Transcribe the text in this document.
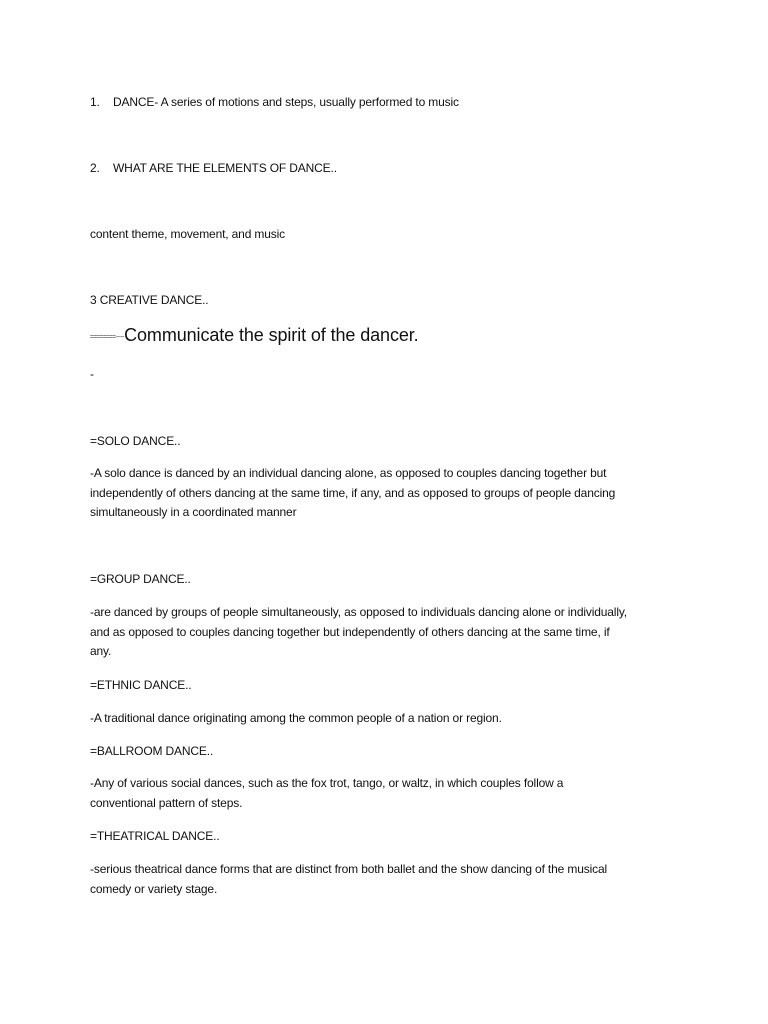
1. DANCE- A series of motions and steps, usually performed to music
2. WHAT ARE THE ELEMENTS OF DANCE..
content theme, movement, and music
3 CREATIVE DANCE..
========-----Communicate the spirit of the dancer.
-
=SOLO DANCE..
-A solo dance is danced by an individual dancing alone, as opposed to couples dancing together but
independently of others dancing at the same time, if any, and as opposed to groups of people dancing
simultaneously in a coordinated manner
=GROUP DANCE..
-are danced by groups of people simultaneously, as opposed to individuals dancing alone or individually,
and as opposed to couples dancing together but independently of others dancing at the same time, if
any.
=ETHNIC DANCE..
-A traditional dance originating among the common people of a nation or region.
=BALLROOM DANCE..
-Any of various social dances, such as the fox trot, tango, or waltz, in which couples follow a
conventional pattern of steps.
=THEATRICAL DANCE..
-serious theatrical dance forms that are distinct from both ballet and the show dancing of the musical
comedy or variety stage.
